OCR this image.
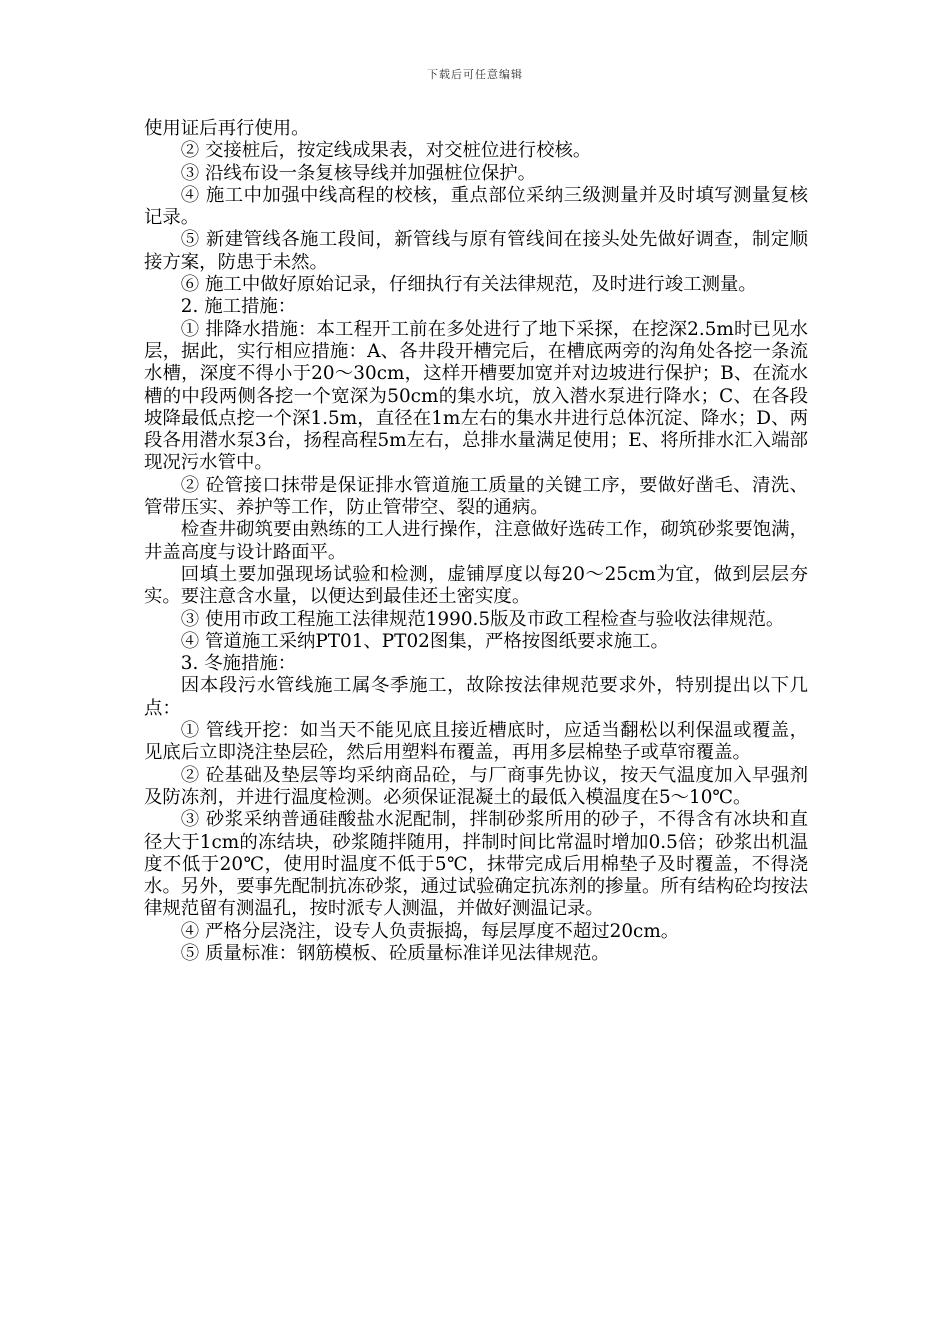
下载后可任意编辑

使用证后再行使用。

② 交接桩后，按定线成果表，对交桩位进行校核。

③ 沿线布设一条复核导线并加强桩位保护。

④ 施工中加强中线高程的校核，重点部位采纳三级测量并及时填写测量复核记录。

⑤ 新建管线各施工段间，新管线与原有管线间在接头处先做好调查，制定顺接方案，防患于未然。

⑥ 施工中做好原始记录，仔细执行有关法律规范，及时进行竣工测量。

2. 施工措施：

① 排降水措施：本工程开工前在多处进行了地下采探，在挖深2.5m时已见水层，据此，实行相应措施：A、各井段开槽完后，在槽底两旁的沟角处各挖一条流水槽，深度不得小于20～30cm，这样开槽要加宽并对边坡进行保护；B、在流水槽的中段两侧各挖一个宽深为50cm的集水坑，放入潜水泵进行降水；C、在各段坡降最低点挖一个深1.5m，直径在1m左右的集水井进行总体沉淀、降水；D、两段各用潜水泵3台，扬程高程5m左右，总排水量满足使用；E、将所排水汇入端部现况污水管中。

② 砼管接口抹带是保证排水管道施工质量的关键工序，要做好凿毛、清洗、管带压实、养护等工作，防止管带空、裂的通病。

检查井砌筑要由熟练的工人进行操作，注意做好选砖工作，砌筑砂浆要饱满，井盖高度与设计路面平。

回填土要加强现场试验和检测，虚铺厚度以每20～25cm为宜，做到层层夯实。要注意含水量，以便达到最佳还土密实度。

③ 使用市政工程施工法律规范1990.5版及市政工程检查与验收法律规范。

④ 管道施工采纳PT01、PT02图集，严格按图纸要求施工。

3. 冬施措施：

因本段污水管线施工属冬季施工，故除按法律规范要求外，特别提出以下几点：

① 管线开挖：如当天不能见底且接近槽底时，应适当翻松以利保温或覆盖，见底后立即浇注垫层砼，然后用塑料布覆盖，再用多层棉垫子或草帘覆盖。

② 砼基础及垫层等均采纳商品砼，与厂商事先协议，按天气温度加入早强剂及防冻剂，并进行温度检测。必须保证混凝土的最低入模温度在5～10℃。

③ 砂浆采纳普通硅酸盐水泥配制，拌制砂浆所用的砂子，不得含有冰块和直径大于1cm的冻结块，砂浆随拌随用，拌制时间比常温时增加0.5倍；砂浆出机温度不低于20℃，使用时温度不低于5℃，抹带完成后用棉垫子及时覆盖，不得浇水。另外，要事先配制抗冻砂浆，通过试验确定抗冻剂的掺量。所有结构砼均按法律规范留有测温孔，按时派专人测温，并做好测温记录。

④ 严格分层浇注，设专人负责振捣，每层厚度不超过20cm。

⑤ 质量标准：钢筋模板、砼质量标准详见法律规范。
